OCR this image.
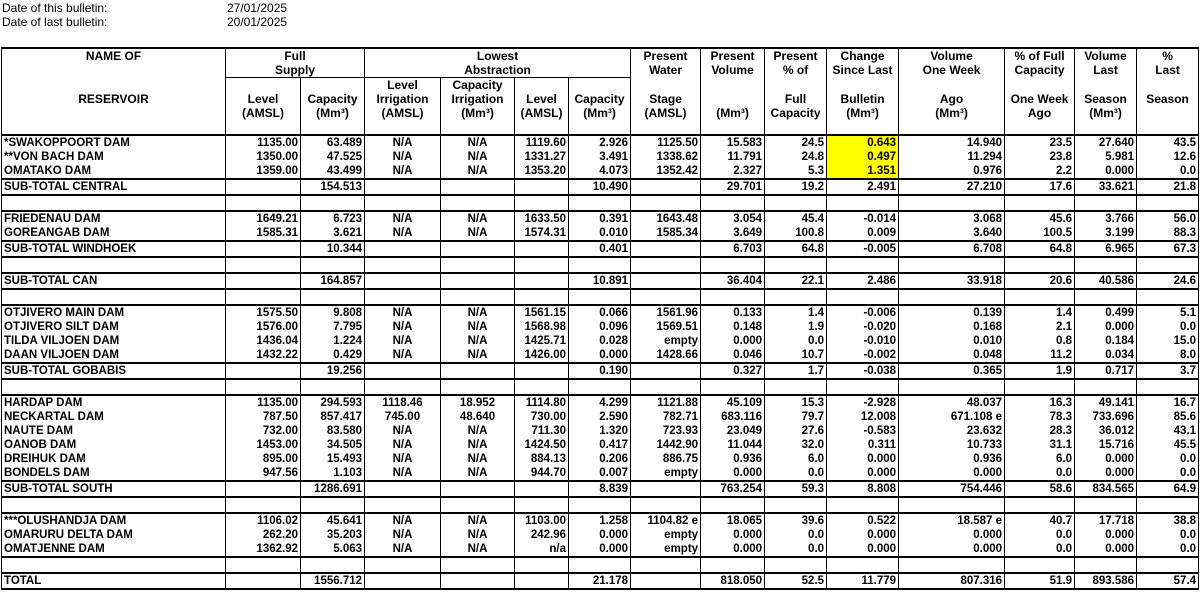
Date of this bulletin:	27/01/2025
Date of last bulletin:	20/01/2025
NAME OF	Full		Lowest				Present	Present	Present	Change	Volume	% of Full	Volume	%
	Supply		Abstraction				Water	Volume	% of	Since Last	One Week	Capacity	Last	Last
			Level	Capacity										
RESERVOIR	Level	Capacity	Irrigation	Irrigation	Level	Capacity	Stage		Full	Bulletin	Ago	One Week	Season	Season
	(AMSL)	(Mm³)	(AMSL)	(Mm³)	(AMSL)	(Mm³)	(AMSL)	(Mm³)	Capacity	(Mm³)	(Mm³)	Ago	(Mm³)	

*SWAKOPPOORT DAM	1135.00	63.489	N/A	N/A	1119.60	2.926	1125.50	15.583	24.5	0.643	14.940	23.5	27.640	43.5
**VON BACH DAM	1350.00	47.525	N/A	N/A	1331.27	3.491	1338.62	11.791	24.8	0.497	11.294	23.8	5.981	12.6
OMATAKO DAM	1359.00	43.499	N/A	N/A	1353.20	4.073	1352.42	2.327	5.3	1.351	0.976	2.2	0.000	0.0
SUB-TOTAL CENTRAL		154.513				10.490		29.701	19.2	2.491	27.210	17.6	33.621	21.8

FRIEDENAU DAM	1649.21	6.723	N/A	N/A	1633.50	0.391	1643.48	3.054	45.4	-0.014	3.068	45.6	3.766	56.0
GOREANGAB DAM	1585.31	3.621	N/A	N/A	1574.31	0.010	1585.34	3.649	100.8	0.009	3.640	100.5	3.199	88.3
SUB-TOTAL WINDHOEK		10.344				0.401		6.703	64.8	-0.005	6.708	64.8	6.965	67.3

SUB-TOTAL CAN		164.857				10.891		36.404	22.1	2.486	33.918	20.6	40.586	24.6

OTJIVERO MAIN DAM	1575.50	9.808	N/A	N/A	1561.15	0.066	1561.96	0.133	1.4	-0.006	0.139	1.4	0.499	5.1
OTJIVERO SILT DAM	1576.00	7.795	N/A	N/A	1568.98	0.096	1569.51	0.148	1.9	-0.020	0.168	2.1	0.000	0.0
TILDA VILJOEN DAM	1436.04	1.224	N/A	N/A	1425.71	0.028	empty	0.000	0.0	-0.010	0.010	0.8	0.184	15.0
DAAN VILJOEN DAM	1432.22	0.429	N/A	N/A	1426.00	0.000	1428.66	0.046	10.7	-0.002	0.048	11.2	0.034	8.0
SUB-TOTAL GOBABIS		19.256				0.190		0.327	1.7	-0.038	0.365	1.9	0.717	3.7

HARDAP DAM	1135.00	294.593	1118.46	18.952	1114.80	4.299	1121.88	45.109	15.3	-2.928	48.037	16.3	49.141	16.7
NECKARTAL DAM	787.50	857.417	745.00	48.640	730.00	2.590	782.71	683.116	79.7	12.008	671.108 e	78.3	733.696	85.6
NAUTE DAM	732.00	83.580	N/A	N/A	711.30	1.320	723.93	23.049	27.6	-0.583	23.632	28.3	36.012	43.1
OANOB DAM	1453.00	34.505	N/A	N/A	1424.50	0.417	1442.90	11.044	32.0	0.311	10.733	31.1	15.716	45.5
DREIHUK DAM	895.00	15.493	N/A	N/A	884.13	0.206	886.75	0.936	6.0	0.000	0.936	6.0	0.000	0.0
BONDELS DAM	947.56	1.103	N/A	N/A	944.70	0.007	empty	0.000	0.0	0.000	0.000	0.0	0.000	0.0
SUB-TOTAL SOUTH		1286.691				8.839		763.254	59.3	8.808	754.446	58.6	834.565	64.9

***OLUSHANDJA DAM	1106.02	45.641	N/A	N/A	1103.00	1.258	1104.82 e	18.065	39.6	0.522	18.587 e	40.7	17.718	38.8
OMARURU DELTA DAM	262.20	35.203	N/A	N/A	242.96	0.000	empty	0.000	0.0	0.000	0.000	0.0	0.000	0.0
OMATJENNE DAM	1362.92	5.063	N/A	N/A	n/a	0.000	empty	0.000	0.0	0.000	0.000	0.0	0.000	0.0

TOTAL		1556.712				21.178		818.050	52.5	11.779	807.316	51.9	893.586	57.4
